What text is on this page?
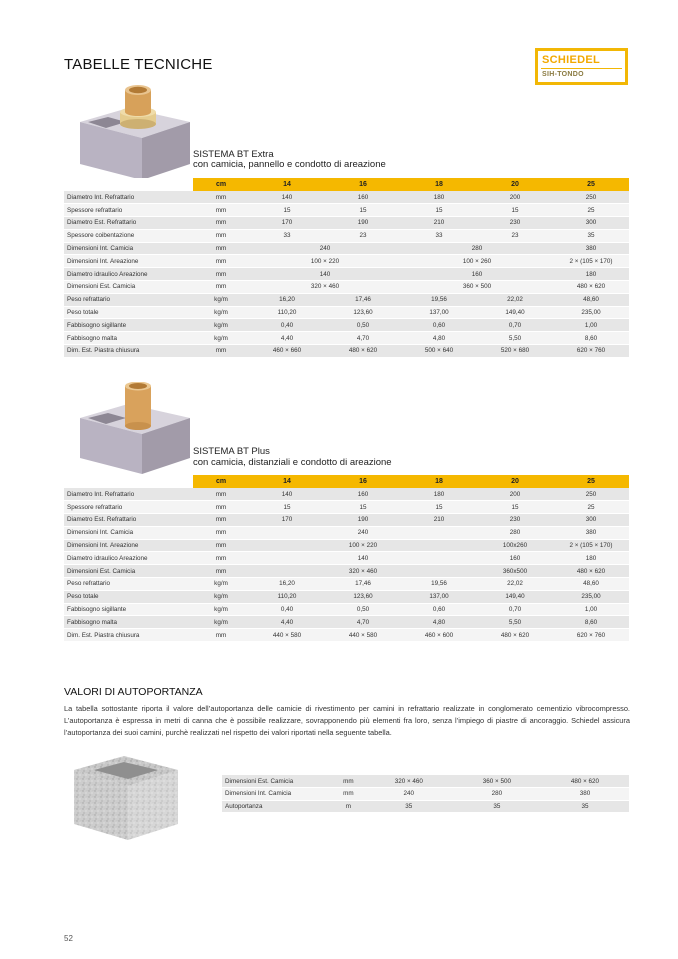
TABELLE TECNICHE	SCHIEDEL
SIH-TONDO
SISTEMA BT Extra
con camicia, pannello e condotto di areazione
	cm	14	16	18	20	25
Diametro Int. Refrattario	mm	140	160	180	200	250
Spessore refrattario	mm	15	15	15	15	25
Diametro Est. Refrattario	mm	170	190	210	230	300
Spessore coibentazione	mm	33	23	33	23	35
Dimensioni Int. Camicia	mm	240		280		380
Dimensioni Int. Areazione	mm	100 × 220		100 × 260		2 × (105 × 170)
Diametro idraulico Areazione	mm	140		160		180
Dimensioni Est. Camicia	mm	320 × 460		360 × 500		480 × 620
Peso refrattario	kg/m	16,20	17,46	19,56	22,02	48,60
Peso totale	kg/m	110,20	123,60	137,00	149,40	235,00
Fabbisogno sigillante	kg/m	0,40	0,50	0,60	0,70	1,00
Fabbisogno malta	kg/m	4,40	4,70	4,80	5,50	8,60
Dim. Est. Piastra chiusura	mm	460 × 660	480 × 620	500 × 640	520 × 680	620 × 760
SISTEMA BT Plus
con camicia, distanziali e condotto di areazione
	cm	14	16	18	20	25
Diametro Int. Refrattario	mm	140	160	180	200	250
Spessore refrattario	mm	15	15	15	15	25
Diametro Est. Refrattario	mm	170	190	210	230	300
Dimensioni Int. Camicia	mm	240			280	380
Dimensioni Int. Areazione	mm	100 × 220			100x260	2 × (105 × 170)
Diametro idraulico Areazione	mm	140			160	180
Dimensioni Est. Camicia	mm	320 × 460			360x500	480 × 620
Peso refrattario	kg/m	16,20	17,46	19,56	22,02	48,60
Peso totale	kg/m	110,20	123,60	137,00	149,40	235,00
Fabbisogno sigillante	kg/m	0,40	0,50	0,60	0,70	1,00
Fabbisogno malta	kg/m	4,40	4,70	4,80	5,50	8,60
Dim. Est. Piastra chiusura	mm	440 × 580	440 × 580	460 × 600	480 × 620	620 × 760
VALORI DI AUTOPORTANZA
La tabella sottostante riporta il valore dell’autoportanza delle camicie di rivestimento per camini in refrattario realizzate in conglomerato cementizio vibrocompresso. L’autoportanza è espressa in metri di canna che è possibile realizzare, sovrapponendo più elementi fra loro, senza l’impiego di piastre di ancoraggio. Schiedel assicura l’autoportanza dei suoi camini, purchè realizzati nel rispetto dei valori riportati nella seguente tabella.
Dimensioni Est. Camicia	mm	320 × 460	360 × 500	480 × 620
Dimensioni Int. Camicia	mm	240	280	380
Autoportanza	m	35	35	35
52
